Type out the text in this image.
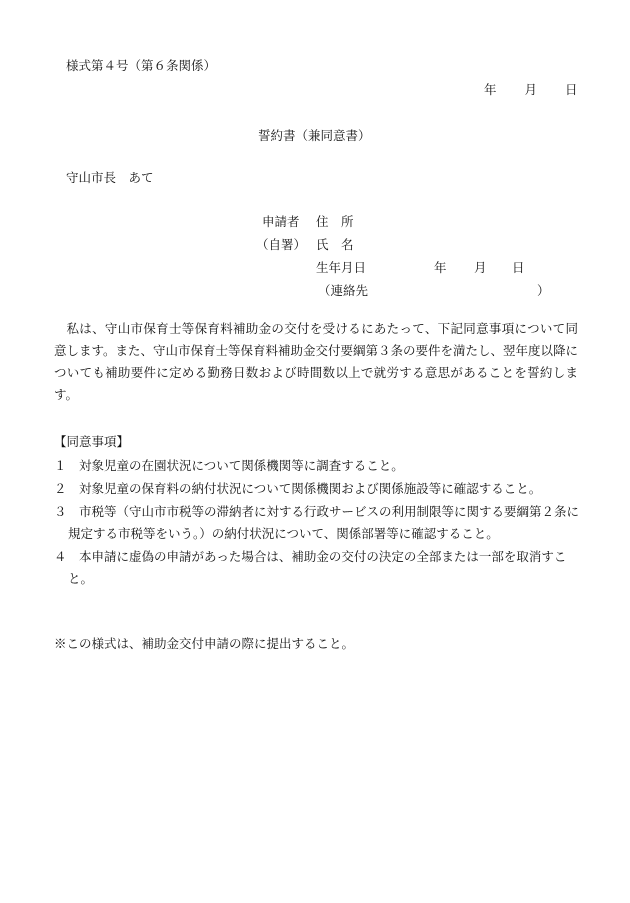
様式第４号（第６条関係）
年 月 日
誓約書（兼同意書）
守山市長　あて
申請者 住　所
（自署） 氏　名
生年月日	年 月 日
（連絡先	）
私は、守山市保育士等保育料補助金の交付を受けるにあたって、下記同意事項について同意します。また、守山市保育士等保育料補助金交付要綱第３条の要件を満たし、翌年度以降についても補助要件に定める勤務日数および時間数以上で就労する意思があることを誓約します。
【同意事項】
１　 対象児童の在園状況について関係機関等に調査すること。
２　 対象児童の保育料の納付状況について関係機関および関係施設等に確認すること。
３　 市税等（守山市市税等の滞納者に対する行政サービスの利用制限等に関する要綱第２条に規定する市税等をいう。）の納付状況について、関係部署等に確認すること。
４　 本申請に虚偽の申請があった場合は、補助金の交付の決定の全部または一部を取消すこと。
※この様式は、補助金交付申請の際に提出すること。
